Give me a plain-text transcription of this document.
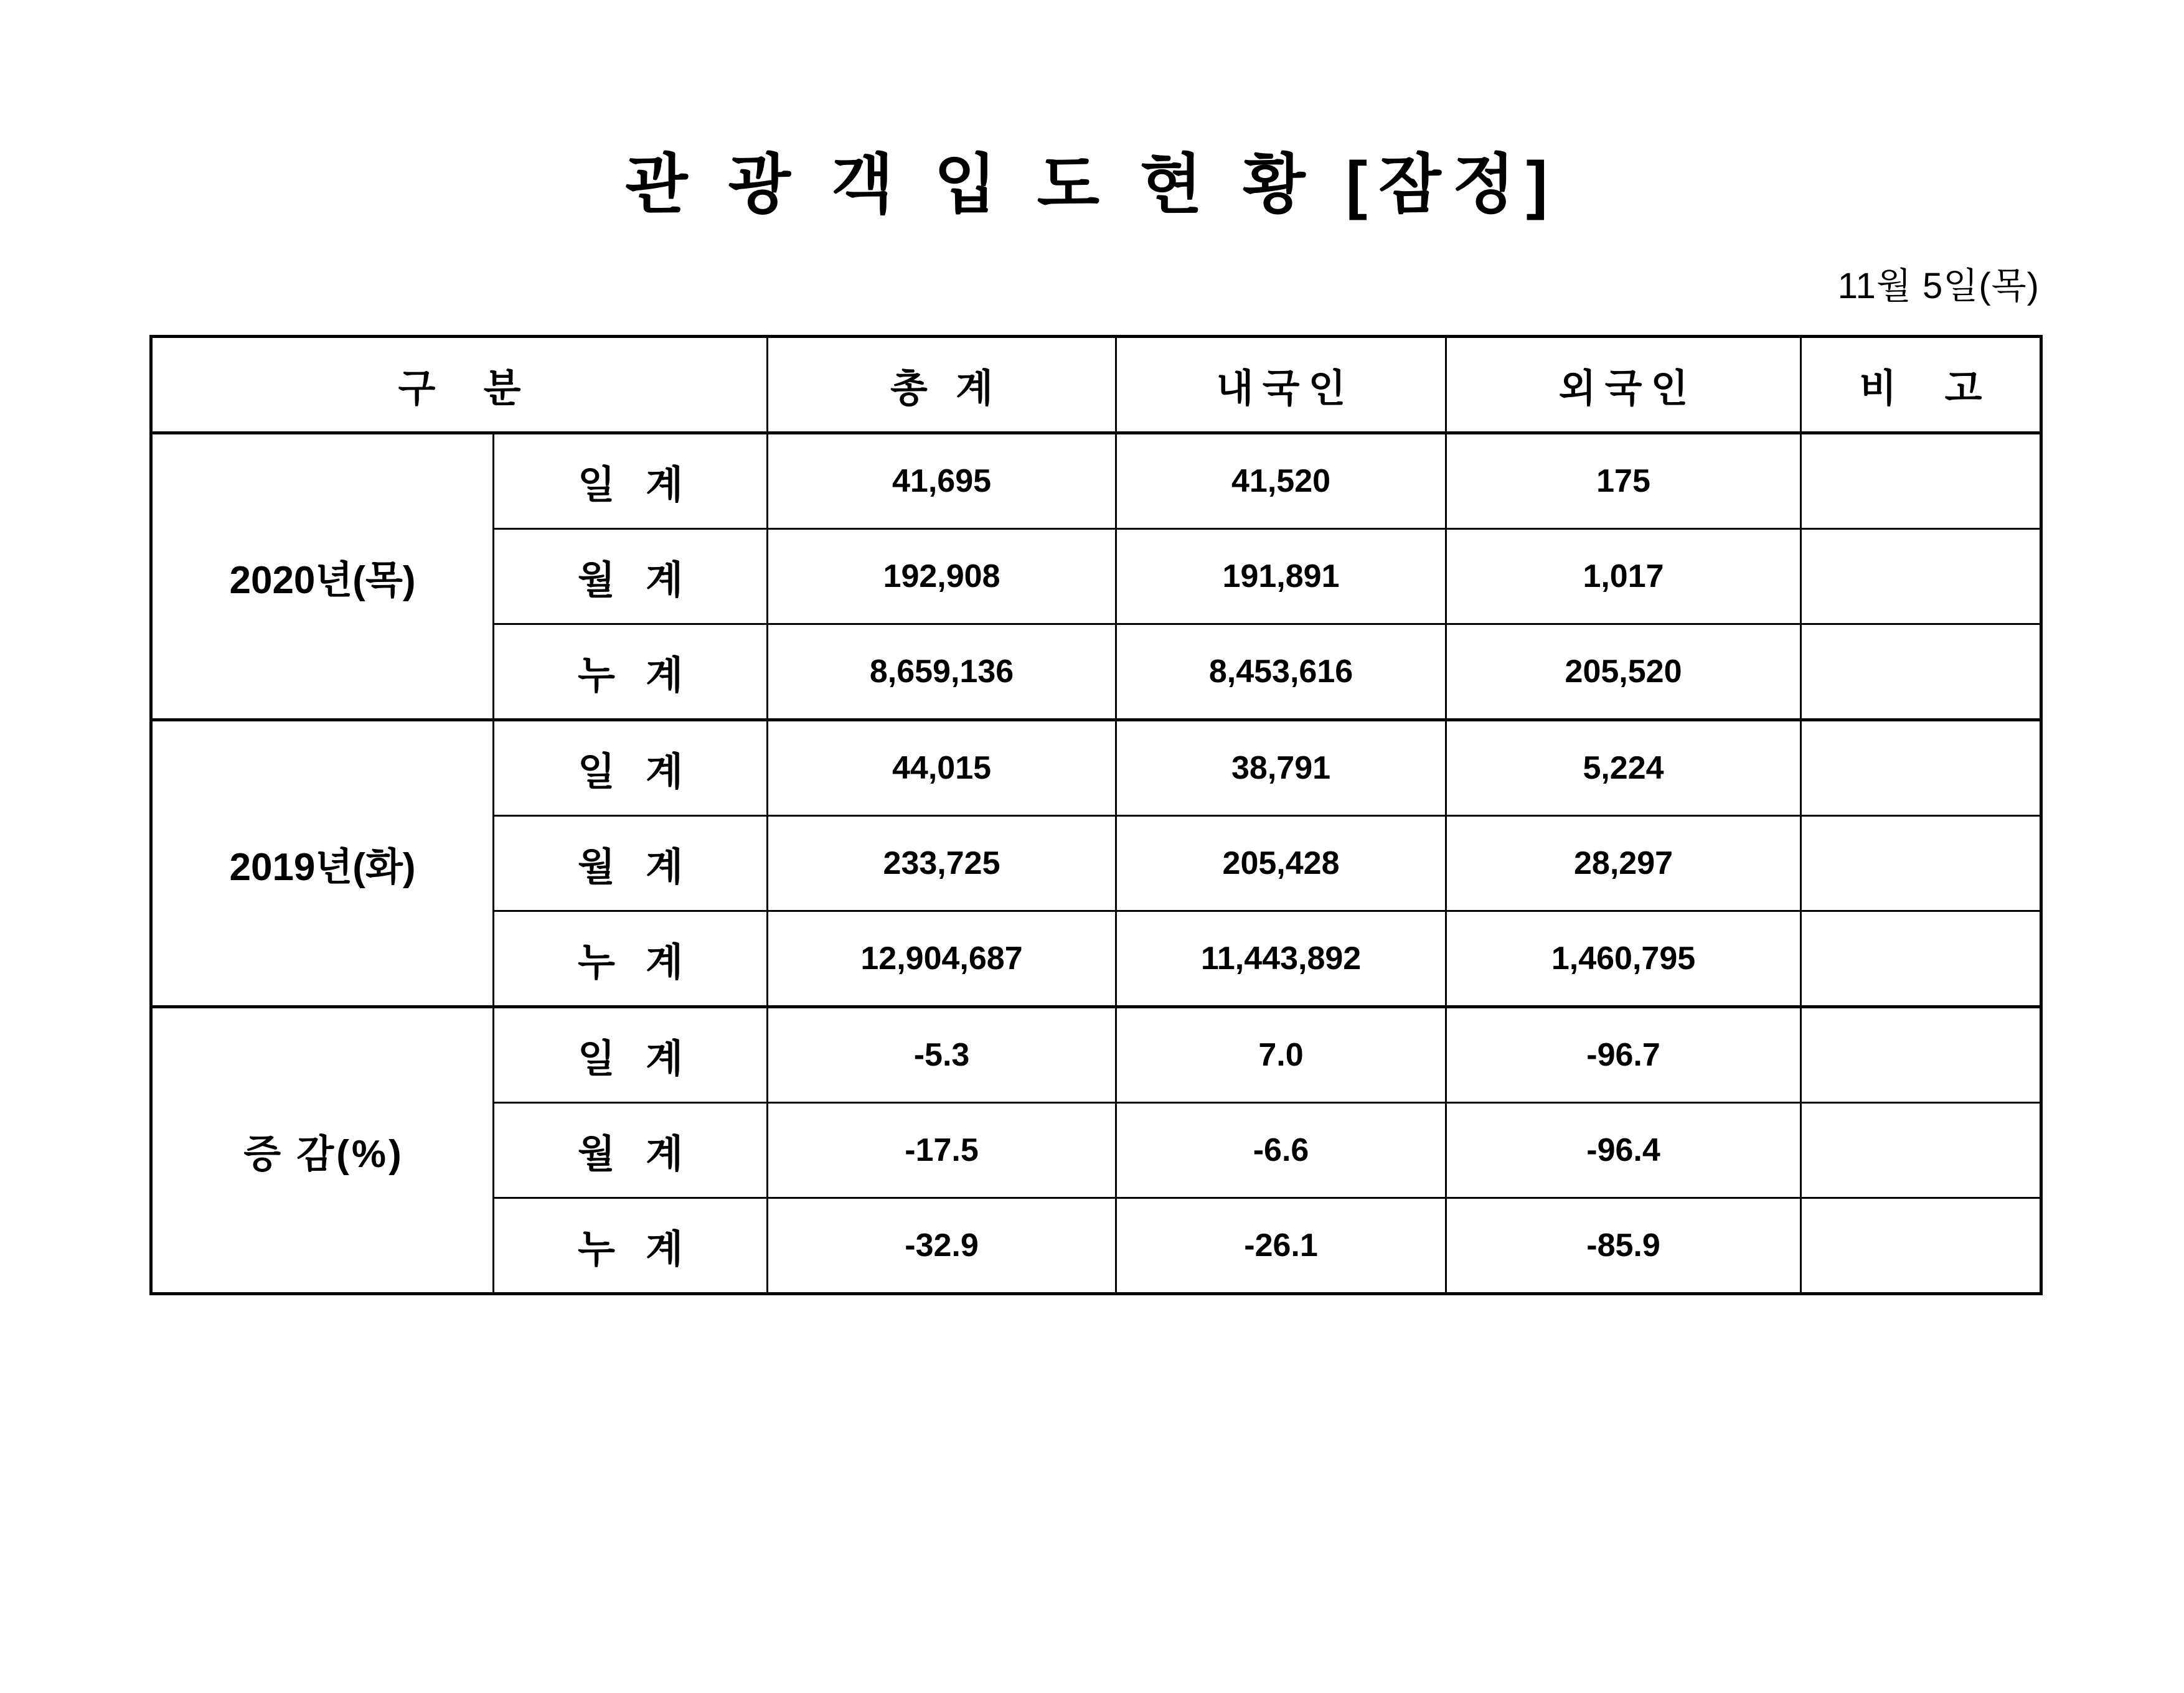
관 광 객 입 도 현 황 [잠정]
11월 5일(목)
구 분		총 계	내국인	외국인	비 고
2020년(목)	일 계	41,695	41,520	175	
	월 계	192,908	191,891	1,017	
	누 계	8,659,136	8,453,616	205,520	
2019년(화)	일 계	44,015	38,791	5,224	
	월 계	233,725	205,428	28,297	
	누 계	12,904,687	11,443,892	1,460,795	
증 감(%)	일 계	-5.3	7.0	-96.7	
	월 계	-17.5	-6.6	-96.4	
	누 계	-32.9	-26.1	-85.9	
